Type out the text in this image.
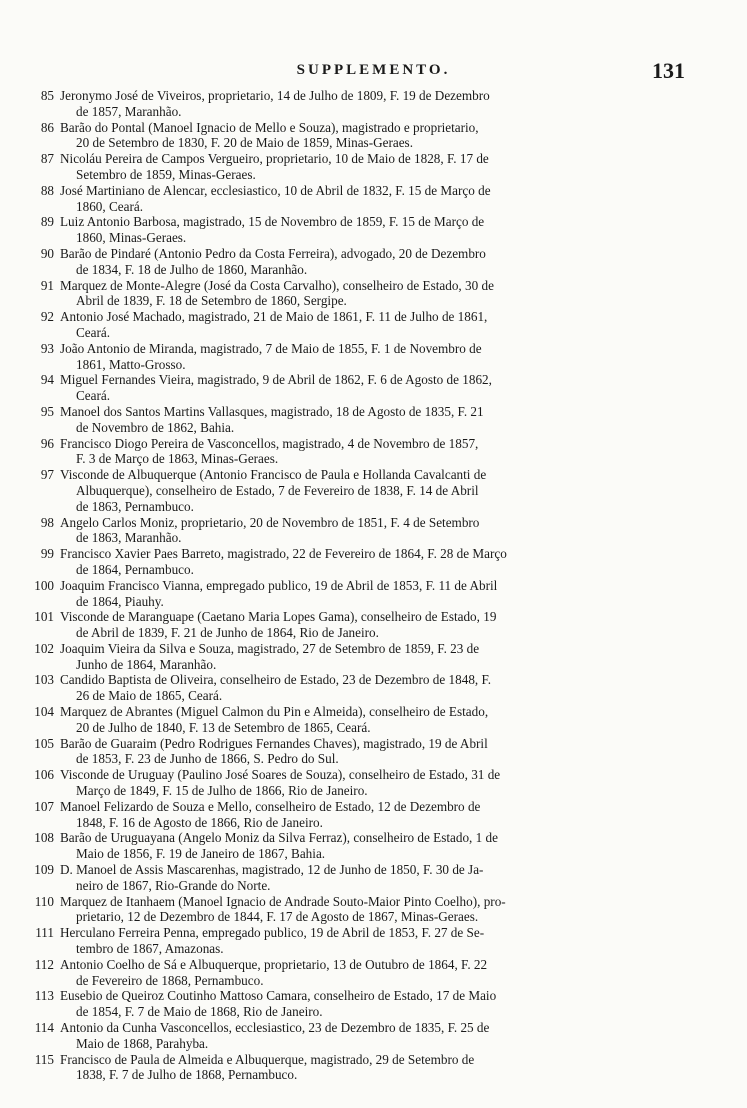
SUPPLEMENTO.	131
85 Jeronymo José de Viveiros, proprietario, 14 de Julho de 1809, F. 19 de Dezembro
de 1857, Maranhão.
86 Barão do Pontal (Manoel Ignacio de Mello e Souza), magistrado e proprietario,
20 de Setembro de 1830, F. 20 de Maio de 1859, Minas-Geraes.
87 Nicoláu Pereira de Campos Vergueiro, proprietario, 10 de Maio de 1828, F. 17 de
Setembro de 1859, Minas-Geraes.
88 José Martiniano de Alencar, ecclesiastico, 10 de Abril de 1832, F. 15 de Março de
1860, Ceará.
89 Luiz Antonio Barbosa, magistrado, 15 de Novembro de 1859, F. 15 de Março de
1860, Minas-Geraes.
90 Barão de Pindaré (Antonio Pedro da Costa Ferreira), advogado, 20 de Dezembro
de 1834, F. 18 de Julho de 1860, Maranhão.
91 Marquez de Monte-Alegre (José da Costa Carvalho), conselheiro de Estado, 30 de
Abril de 1839, F. 18 de Setembro de 1860, Sergipe.
92 Antonio José Machado, magistrado, 21 de Maio de 1861, F. 11 de Julho de 1861,
Ceará.
93 João Antonio de Miranda, magistrado, 7 de Maio de 1855, F. 1 de Novembro de
1861, Matto-Grosso.
94 Miguel Fernandes Vieira, magistrado, 9 de Abril de 1862, F. 6 de Agosto de 1862,
Ceará.
95 Manoel dos Santos Martins Vallasques, magistrado, 18 de Agosto de 1835, F. 21
de Novembro de 1862, Bahia.
96 Francisco Diogo Pereira de Vasconcellos, magistrado, 4 de Novembro de 1857,
F. 3 de Março de 1863, Minas-Geraes.
97 Visconde de Albuquerque (Antonio Francisco de Paula e Hollanda Cavalcanti de
Albuquerque), conselheiro de Estado, 7 de Fevereiro de 1838, F. 14 de Abril
de 1863, Pernambuco.
98 Angelo Carlos Moniz, proprietario, 20 de Novembro de 1851, F. 4 de Setembro
de 1863, Maranhão.
99 Francisco Xavier Paes Barreto, magistrado, 22 de Fevereiro de 1864, F. 28 de Março
de 1864, Pernambuco.
100 Joaquim Francisco Vianna, empregado publico, 19 de Abril de 1853, F. 11 de Abril
de 1864, Piauhy.
101 Visconde de Maranguape (Caetano Maria Lopes Gama), conselheiro de Estado, 19
de Abril de 1839, F. 21 de Junho de 1864, Rio de Janeiro.
102 Joaquim Vieira da Silva e Souza, magistrado, 27 de Setembro de 1859, F. 23 de
Junho de 1864, Maranhão.
103 Candido Baptista de Oliveira, conselheiro de Estado, 23 de Dezembro de 1848, F.
26 de Maio de 1865, Ceará.
104 Marquez de Abrantes (Miguel Calmon du Pin e Almeida), conselheiro de Estado,
20 de Julho de 1840, F. 13 de Setembro de 1865, Ceará.
105 Barão de Guaraim (Pedro Rodrigues Fernandes Chaves), magistrado, 19 de Abril
de 1853, F. 23 de Junho de 1866, S. Pedro do Sul.
106 Visconde de Uruguay (Paulino José Soares de Souza), conselheiro de Estado, 31 de
Março de 1849, F. 15 de Julho de 1866, Rio de Janeiro.
107 Manoel Felizardo de Souza e Mello, conselheiro de Estado, 12 de Dezembro de
1848, F. 16 de Agosto de 1866, Rio de Janeiro.
108 Barão de Uruguayana (Angelo Moniz da Silva Ferraz), conselheiro de Estado, 1 de
Maio de 1856, F. 19 de Janeiro de 1867, Bahia.
109 D. Manoel de Assis Mascarenhas, magistrado, 12 de Junho de 1850, F. 30 de Ja-
neiro de 1867, Rio-Grande do Norte.
110 Marquez de Itanhaem (Manoel Ignacio de Andrade Souto-Maior Pinto Coelho), pro-
prietario, 12 de Dezembro de 1844, F. 17 de Agosto de 1867, Minas-Geraes.
111 Herculano Ferreira Penna, empregado publico, 19 de Abril de 1853, F. 27 de Se-
tembro de 1867, Amazonas.
112 Antonio Coelho de Sá e Albuquerque, proprietario, 13 de Outubro de 1864, F. 22
de Fevereiro de 1868, Pernambuco.
113 Eusebio de Queiroz Coutinho Mattoso Camara, conselheiro de Estado, 17 de Maio
de 1854, F. 7 de Maio de 1868, Rio de Janeiro.
114 Antonio da Cunha Vasconcellos, ecclesiastico, 23 de Dezembro de 1835, F. 25 de
Maio de 1868, Parahyba.
115 Francisco de Paula de Almeida e Albuquerque, magistrado, 29 de Setembro de
1838, F. 7 de Julho de 1868, Pernambuco.
